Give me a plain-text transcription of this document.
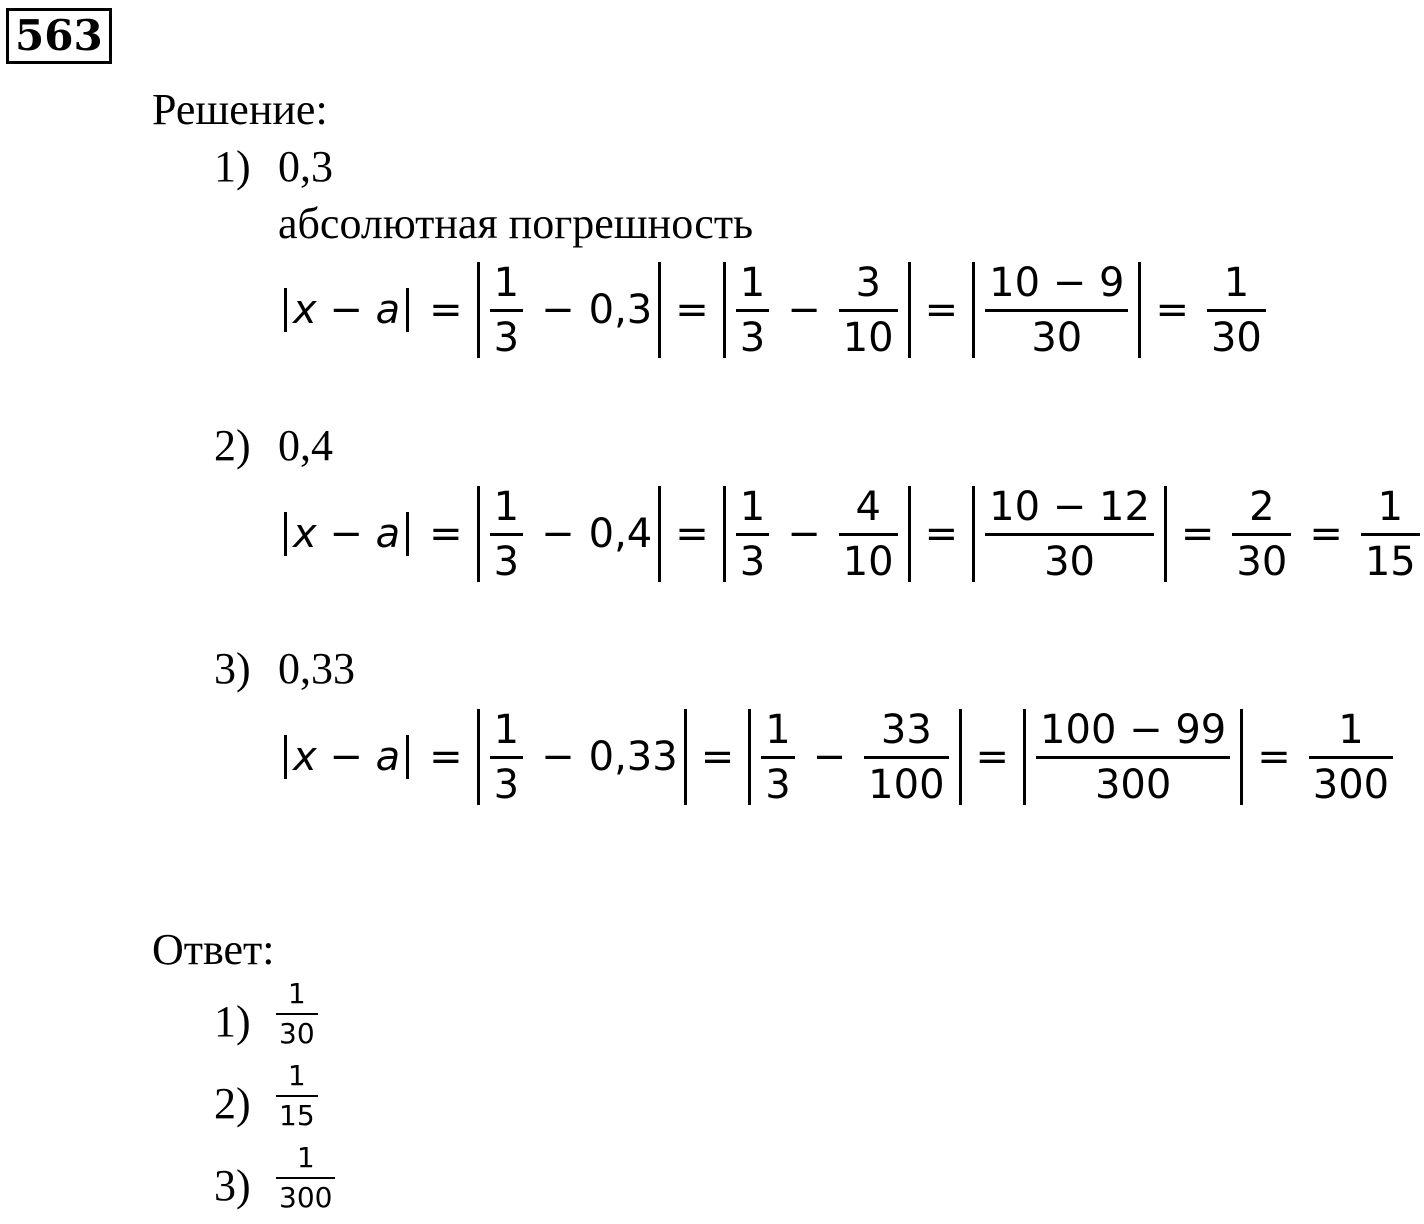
563
Решение:
1) 0,3
абсолютная погрешность
$x - a = \frac{1}{3} - 0,3 = \frac{1}{3} - \frac{3}{10} = \frac{10 - 9}{30} = \frac{1}{30}$
2) 0,4
$x - a = \frac{1}{3} - 0,4 = \frac{1}{3} - \frac{4}{10} = \frac{10 - 12}{30} = \frac{2}{30} = \frac{1}{15}$
3) 0,33
$x - a = \frac{1}{3} - 0,33 = \frac{1}{3} - \frac{33}{100} = \frac{100 - 99}{300} = \frac{1}{300}$
Ответ:
1)
1
30
2)
1
15
3)
1
300
